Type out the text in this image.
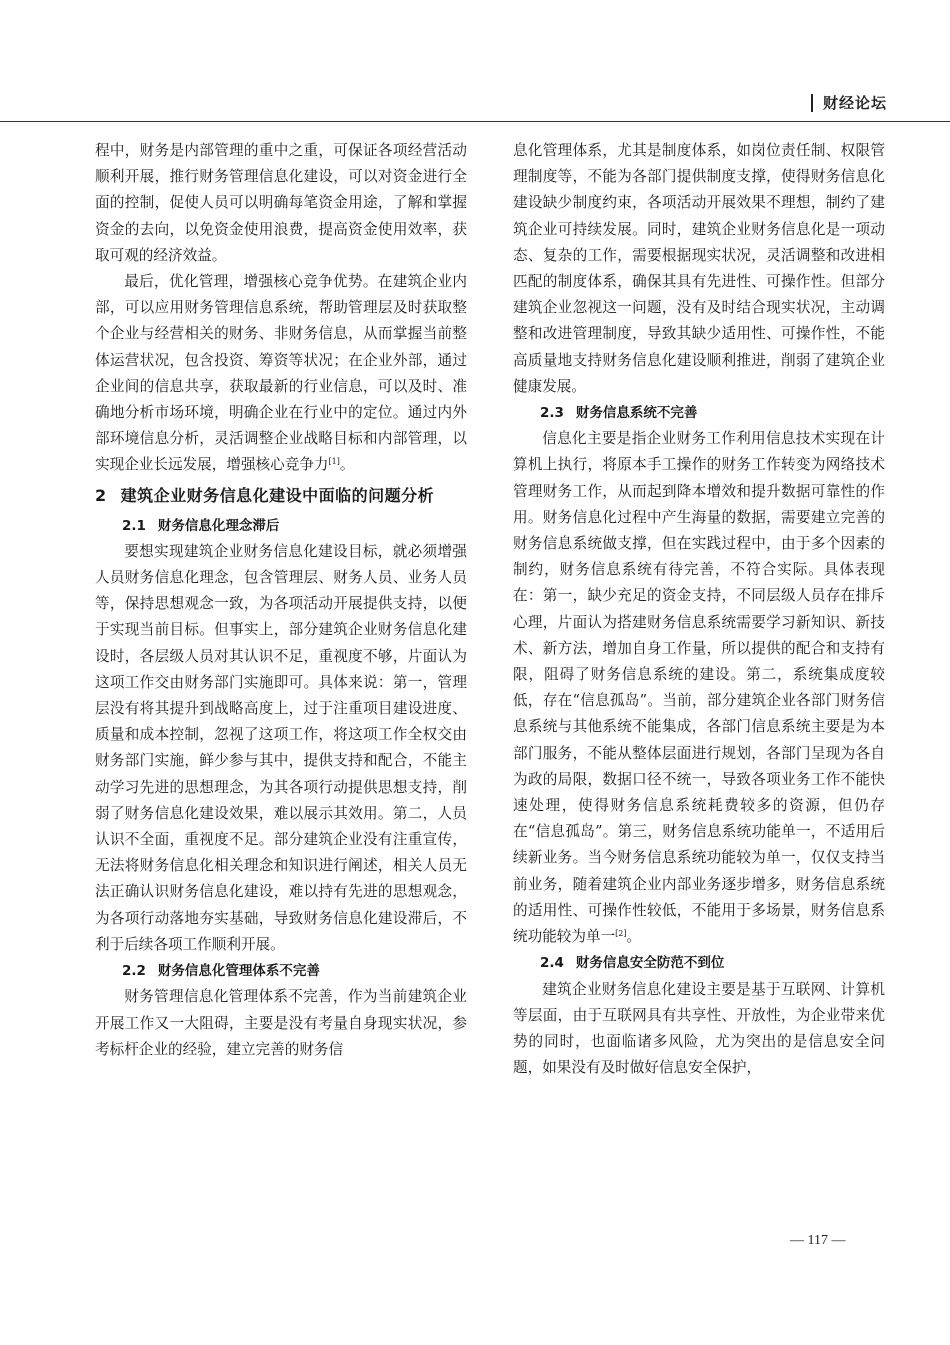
财经论坛

程中，财务是内部管理的重中之重，可保证各项经营活动顺利开展，推行财务管理信息化建设，可以对资金进行全面的控制，促使人员可以明确每笔资金用途，了解和掌握资金的去向，以免资金使用浪费，提高资金使用效率，获取可观的经济效益。

最后，优化管理，增强核心竞争优势。在建筑企业内部，可以应用财务管理信息系统，帮助管理层及时获取整个企业与经营相关的财务、非财务信息，从而掌握当前整体运营状况，包含投资、筹资等状况；在企业外部，通过企业间的信息共享，获取最新的行业信息，可以及时、准确地分析市场环境，明确企业在行业中的定位。通过内外部环境信息分析，灵活调整企业战略目标和内部管理，以实现企业长远发展，增强核心竞争力[1]。

2 建筑企业财务信息化建设中面临的问题分析
2.1 财务信息化理念滞后

要想实现建筑企业财务信息化建设目标，就必须增强人员财务信息化理念，包含管理层、财务人员、业务人员等，保持思想观念一致，为各项活动开展提供支持，以便于实现当前目标。但事实上，部分建筑企业财务信息化建设时，各层级人员对其认识不足，重视度不够，片面认为这项工作交由财务部门实施即可。具体来说：第一，管理层没有将其提升到战略高度上，过于注重项目建设进度、质量和成本控制，忽视了这项工作，将这项工作全权交由财务部门实施，鲜少参与其中，提供支持和配合，不能主动学习先进的思想理念，为其各项行动提供思想支持，削弱了财务信息化建设效果，难以展示其效用。第二，人员认识不全面，重视度不足。部分建筑企业没有注重宣传，无法将财务信息化相关理念和知识进行阐述，相关人员无法正确认识财务信息化建设，难以持有先进的思想观念，为各项行动落地夯实基础，导致财务信息化建设滞后，不利于后续各项工作顺利开展。

2.2 财务信息化管理体系不完善

财务管理信息化管理体系不完善，作为当前建筑企业开展工作又一大阻碍，主要是没有考量自身现实状况，参考标杆企业的经验，建立完善的财务信

息化管理体系，尤其是制度体系，如岗位责任制、权限管理制度等，不能为各部门提供制度支撑，使得财务信息化建设缺少制度约束，各项活动开展效果不理想，制约了建筑企业可持续发展。同时，建筑企业财务信息化是一项动态、复杂的工作，需要根据现实状况，灵活调整和改进相匹配的制度体系，确保其具有先进性、可操作性。但部分建筑企业忽视这一问题，没有及时结合现实状况，主动调整和改进管理制度，导致其缺少适用性、可操作性，不能高质量地支持财务信息化建设顺利推进，削弱了建筑企业健康发展。

2.3 财务信息系统不完善

信息化主要是指企业财务工作利用信息技术实现在计算机上执行，将原本手工操作的财务工作转变为网络技术管理财务工作，从而起到降本增效和提升数据可靠性的作用。财务信息化过程中产生海量的数据，需要建立完善的财务信息系统做支撑，但在实践过程中，由于多个因素的制约，财务信息系统有待完善，不符合实际。具体表现在：第一，缺少充足的资金支持，不同层级人员存在排斥心理，片面认为搭建财务信息系统需要学习新知识、新技术、新方法，增加自身工作量，所以提供的配合和支持有限，阻碍了财务信息系统的建设。第二，系统集成度较低，存在“信息孤岛”。当前，部分建筑企业各部门财务信息系统与其他系统不能集成，各部门信息系统主要是为本部门服务，不能从整体层面进行规划，各部门呈现为各自为政的局限，数据口径不统一，导致各项业务工作不能快速处理，使得财务信息系统耗费较多的资源，但仍存在“信息孤岛”。第三，财务信息系统功能单一，不适用后续新业务。当今财务信息系统功能较为单一，仅仅支持当前业务，随着建筑企业内部业务逐步增多，财务信息系统的适用性、可操作性较低，不能用于多场景，财务信息系统功能较为单一[2]。

2.4 财务信息安全防范不到位

建筑企业财务信息化建设主要是基于互联网、计算机等层面，由于互联网具有共享性、开放性，为企业带来优势的同时，也面临诸多风险，尤为突出的是信息安全问题，如果没有及时做好信息安全保护，

— 117 —
